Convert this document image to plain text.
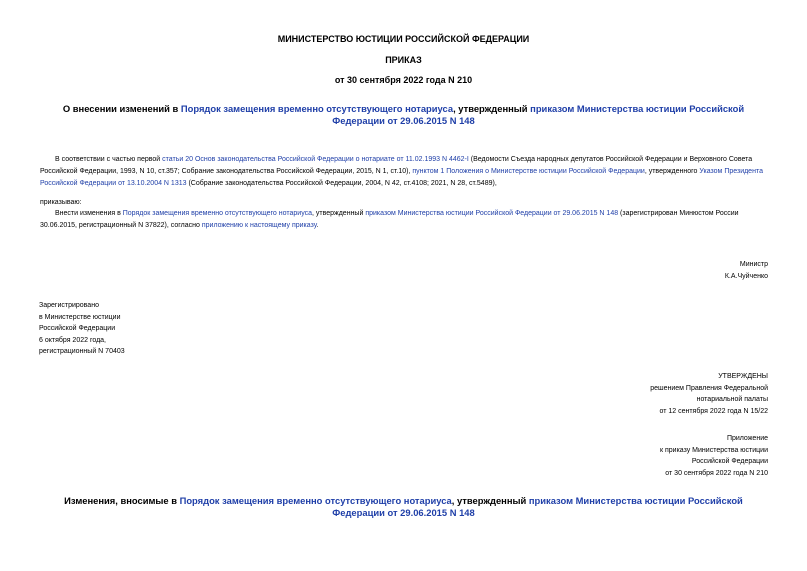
МИНИСТЕРСТВО ЮСТИЦИИ РОССИЙСКОЙ ФЕДЕРАЦИИ
ПРИКАЗ
от 30 сентября 2022 года N 210
О внесении изменений в Порядок замещения временно отсутствующего нотариуса, утвержденный приказом Министерства юстиции Российской Федерации от 29.06.2015 N 148
В соответствии с частью первой статьи 20 Основ законодательства Российской Федерации о нотариате от 11.02.1993 N 4462-I (Ведомости Съезда народных депутатов Российской Федерации и Верховного Совета Российской Федерации, 1993, N 10, ст.357; Собрание законодательства Российской Федерации, 2015, N 1, ст.10), пунктом 1 Положения о Министерстве юстиции Российской Федерации, утвержденного Указом Президента Российской Федерации от 13.10.2004 N 1313 (Собрание законодательства Российской Федерации, 2004, N 42, ст.4108; 2021, N 28, ст.5489),
приказываю:
Внести изменения в Порядок замещения временно отсутствующего нотариуса, утвержденный приказом Министерства юстиции Российской Федерации от 29.06.2015 N 148 (зарегистрирован Минюстом России 30.06.2015, регистрационный N 37822), согласно приложению к настоящему приказу.
Министр
К.А.Чуйченко
Зарегистрировано
в Министерстве юстиции
Российской Федерации
6 октября 2022 года,
регистрационный N 70403
УТВЕРЖДЕНЫ
решением Правления Федеральной
нотариальной палаты
от 12 сентября 2022 года N 15/22
Приложение
к приказу Министерства юстиции
Российской Федерации
от 30 сентября 2022 года N 210
Изменения, вносимые в Порядок замещения временно отсутствующего нотариуса, утвержденный приказом Министерства юстиции Российской Федерации от 29.06.2015 N 148
